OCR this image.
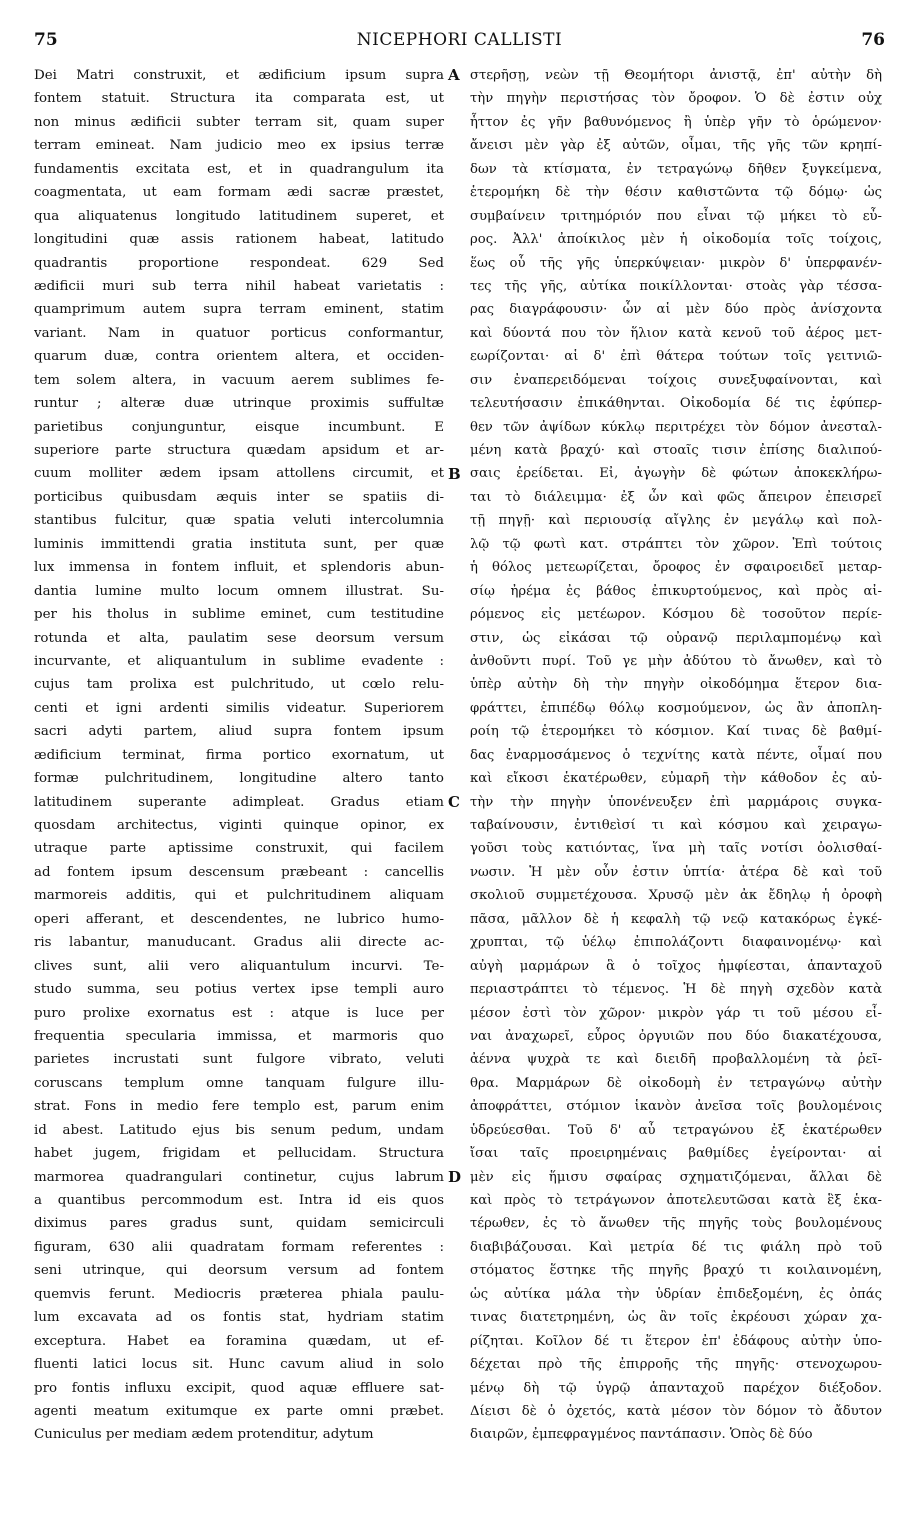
75	NICEPHORI CALLISTI	76
Dei Matri construxit, et ædificium ipsum supra
fontem statuit. Structura ita comparata est, ut
non minus ædificii subter terram sit, quam super
terram emineat. Nam judicio meo ex ipsius terræ
fundamentis excitata est, et in quadrangulum ita
coagmentata, ut eam formam ædi sacræ præstet,
qua aliquatenus longitudo latitudinem superet, et
longitudini quæ assis rationem habeat, latitudo
quadrantis proportione respondeat. 629 Sed
ædificii muri sub terra nihil habeat varietatis :
quamprimum autem supra terram eminent, statim
variant. Nam in quatuor porticus conformantur,
quarum duæ, contra orientem altera, et occiden-
tem solem altera, in vacuum aerem sublimes fe-
runtur ; alteræ duæ utrinque proximis suffultæ
parietibus conjunguntur, eisque incumbunt. E
superiore parte structura quædam apsidum et ar-
cuum molliter ædem ipsam attollens circumit, et
porticibus quibusdam æquis inter se spatiis di-
stantibus fulcitur, quæ spatia veluti intercolumnia
luminis immittendi gratia instituta sunt, per quæ
lux immensa in fontem influit, et splendoris abun-
dantia lumine multo locum omnem illustrat. Su-
per his tholus in sublime eminet, cum testitudine
rotunda et alta, paulatim sese deorsum versum
incurvante, et aliquantulum in sublime evadente :
cujus tam prolixa est pulchritudo, ut cœlo relu-
centi et igni ardenti similis videatur. Superiorem
sacri adyti partem, aliud supra fontem ipsum
ædificium terminat, firma portico exornatum, ut
formæ pulchritudinem, longitudine altero tanto
latitudinem superante adimpleat. Gradus etiam
quosdam architectus, viginti quinque opinor, ex
utraque parte aptissime construxit, qui facilem
ad fontem ipsum descensum præbeant : cancellis
marmoreis additis, qui et pulchritudinem aliquam
operi afferant, et descendentes, ne lubrico humo-
ris labantur, manuducant. Gradus alii directe ac-
clives sunt, alii vero aliquantulum incurvi. Te-
studo summa, seu potius vertex ipse templi auro
puro prolixe exornatus est : atque is luce per
frequentia specularia immissa, et marmoris quo
parietes incrustati sunt fulgore vibrato, veluti
coruscans templum omne tanquam fulgure illu-
strat. Fons in medio fere templo est, parum enim
id abest. Latitudo ejus bis senum pedum, undam
habet jugem, frigidam et pellucidam. Structura
marmorea quadrangulari continetur, cujus labrum
a quantibus percommodum est. Intra id eis quos
diximus pares gradus sunt, quidam semicirculi
figuram, 630 alii quadratam formam referentes :
seni utrinque, qui deorsum versum ad fontem
quemvis ferunt. Mediocris præterea phiala paulu-
lum excavata ad os fontis stat, hydriam statim
excepturа. Habet ea foramina quædam, ut ef-
fluenti latici locus sit. Hunc cavum aliud in solo
pro fontis influxu excipit, quod aquæ effluere sat-
agenti meatum exitumque ex parte omni præbet.
Cuniculus per mediam ædem protenditur, adytum
στερῆσῃ, νεὼν τῇ Θεομήτορι ἀνιστᾷ, ἐπ' αὐτὴν δὴ
τὴν πηγὴν περιστήσας τὸν ὄροφον. Ὁ δὲ ἐστιν οὐχ
ἧττον ἐς γῆν βαθυνόμενος ἢ ὑπὲρ γῆν τὸ ὁρώμενον·
ἄνεισι μὲν γὰρ ἐξ αὐτῶν, οἶμαι, τῆς γῆς τῶν κρηπί-
δων τὰ κτίσματα, ἐν τετραγώνῳ δῆθεν ξυγκείμενα,
ἑτερομήκη δὲ τὴν θέσιν καθιστῶντα τῷ δόμῳ· ὡς
συμβαίνειν τριτημόριόν που εἶναι τῷ μήκει τὸ εὖ-
ρος. Ἀλλ' ἀποίκιλος μὲν ἡ οἰκοδομία τοῖς τοίχοις,
ἕως οὗ τῆς γῆς ὑπερκύψειαν· μικρὸν δ' ὑπερφανέν-
τες τῆς γῆς, αὐτίκα ποικίλλονται· στοὰς γὰρ τέσσα-
ρας διαγράφουσιν· ὧν αἱ μὲν δύο πρὸς ἀνίσχοντα
καὶ δύοντά που τὸν ἥλιον κατὰ κενοῦ τοῦ ἀέρος μετ-
εωρίζονται· αἱ δ' ἐπὶ θάτερα τούτων τοῖς γειτνιῶ-
σιν ἐναπερειδόμεναι τοίχοις συνεξυφαίνονται, καὶ
τελευτήσασιν ἐπικάθηνται. Οἰκοδομία δέ τις ἐφύπερ-
θεν τῶν ἀψίδων κύκλῳ περιτρέχει τὸν δόμον ἀνεσταλ-
μένη κατὰ βραχύ· καὶ στοαῖς τισιν ἐπίσης διαλιπού-
σαις ἐρείδεται. Εἰ, ἀγωγὴν δὲ φώτων ἀποκεκλήρω-
ται τὸ διάλειμμα· ἐξ ὧν καὶ φῶς ἄπειρον ἐπεισρεῖ
τῇ πηγῇ· καὶ περιουσίᾳ αἴγλης ἐν μεγάλῳ καὶ πολ-
λῷ τῷ φωτὶ κατ. στράπτει τὸν χῶρον. Ἐπὶ τούτοις
ἡ θόλος μετεωρίζεται, ὄροφος ἐν σφαιροειδεῖ μεταρ-
σίῳ ἠρέμα ἐς βάθος ἐπικυρτούμενος, καὶ πρὸς αἰ-
ρόμενος εἰς μετέωρον. Κόσμου δὲ τοσοῦτον περίε-
στιν, ὡς εἰκάσαι τῷ οὐρανῷ περιλαμπομένῳ καὶ
ἀνθοῦντι πυρί. Τοῦ γε μὴν ἀδύτου τὸ ἄνωθεν, καὶ τὸ
ὑπὲρ αὐτὴν δὴ τὴν πηγὴν οἰκοδόμημα ἕτερον δια-
φράττει, ἐπιπέδῳ θόλῳ κοσμούμενον, ὡς ἂν ἀποπλη-
ροίη τῷ ἑτερομήκει τὸ κόσμιον. Καί τινας δὲ βαθμί-
δας ἐναρμοσάμενος ὁ τεχνίτης κατὰ πέντε, οἶμαί που
καὶ εἴκοσι ἑκατέρωθεν, εὐμαρῆ τὴν κάθοδον ἐς αὐ-
τὴν τὴν πηγὴν ὑπονένευξεν ἐπὶ μαρμάροις συγκα-
ταβαίνουσιν, ἐντιθεὶσί τι καὶ κόσμου καὶ χειραγω-
γοῦσι τοὺς κατιόντας, ἵνα μὴ ταῖς νοτίσι ὀολισθαί-
νωσιν. Ἡ μὲν οὖν ἐστιν ὑπτία· ἀτέρα δὲ καὶ τοῦ
σκολιοῦ συμμετέχουσα. Χρυσῷ μὲν ἀκ ἔδηλῳ ἡ ὀροφὴ
πᾶσα, μᾶλλον δὲ ἡ κεφαλὴ τῷ νεῷ κατακόρως ἐγκέ-
χρυπται, τῷ ὑέλῳ ἐπιπολάζοντι διαφαινομένῳ· καὶ
αὐγὴ μαρμάρων ἃ ὁ τοῖχος ἠμφίεσται, ἁπανταχοῦ
περιαστράπτει τὸ τέμενος. Ἡ δὲ πηγὴ σχεδὸν κατὰ
μέσον ἐστὶ τὸν χῶρον· μικρὸν γάρ τι τοῦ μέσου εἶ-
ναι ἀναχωρεῖ, εὖρος ὀργυιῶν που δύο διακατέχουσα,
ἀέννα ψυχρὰ τε καὶ διειδῆ προβαλλομένη τὰ ῥεῖ-
θρα. Μαρμάρων δὲ οἰκοδομὴ ἐν τετραγώνῳ αὐτὴν
ἀποφράττει, στόμιον ἱκανὸν ἀνεῖσα τοῖς βουλομένοις
ὑδρεύεσθαι. Τοῦ δ' αὖ τετραγώνου ἐξ ἑκατέρωθεν
ἴσαι ταῖς προειρημέναις βαθμίδες ἐγείρονται· αἱ
μὲν εἰς ἥμισυ σφαίρας σχηματιζόμεναι, ἄλλαι δὲ
καὶ πρὸς τὸ τετράγωνον ἀποτελευτῶσαι κατὰ ἓξ ἑκα-
τέρωθεν, ἐς τὸ ἄνωθεν τῆς πηγῆς τοὺς βουλομένους
διαβιβάζουσαι. Καὶ μετρία δέ τις φιάλη πρὸ τοῦ
στόματος ἕστηκε τῆς πηγῆς βραχύ τι κοιλαινομένη,
ὡς αὐτίκα μάλα τὴν ὑδρίαν ἐπιδεξομένη, ἐς ὀπάς
τινας διατετρημένη, ὡς ἂν τοῖς ἐκρέουσι χώραν χα-
ρίζηται. Κοῖλον δέ τι ἕτερον ἐπ' ἐδάφους αὐτὴν ὑπο-
δέχεται πρὸ τῆς ἐπιρροῆς τῆς πηγῆς· στενοχωρου-
μένῳ δὴ τῷ ὑγρῷ ἁπανταχοῦ παρέχον διέξοδον.
Δίεισι δὲ ὁ ὀχετός, κατὰ μέσον τὸν δόμον τὸ ἄδυτον
διαιρῶν, ἐμπεφραγμένος παντάπασιν. Ὁπὸς δὲ δύο
A
B
C
D
